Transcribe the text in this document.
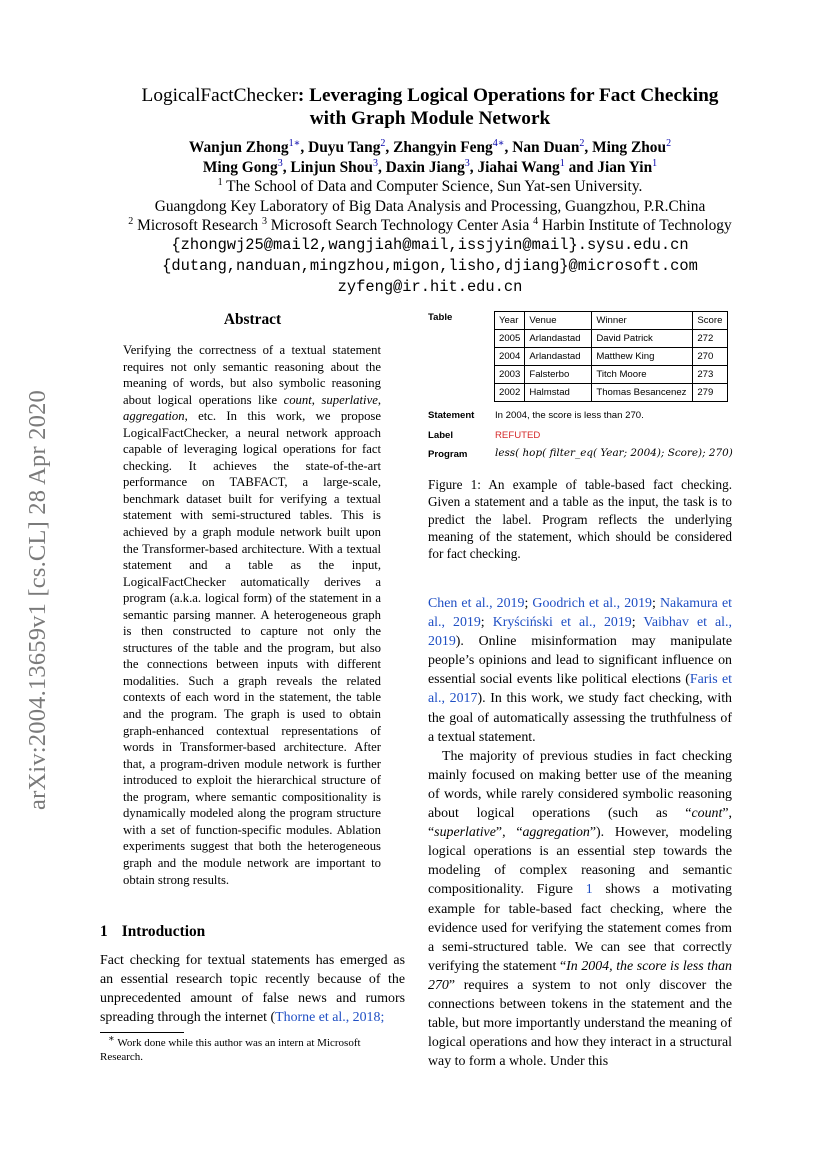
arXiv:2004.13659v1 [cs.CL] 28 Apr 2020
LogicalFactChecker: Leveraging Logical Operations for Fact Checking
with Graph Module Network
Wanjun Zhong$^{1∗}$, Duyu Tang$^2$, Zhangyin Feng$^{4∗}$, Nan Duan$^2$, Ming Zhou$^2$
Ming Gong$^3$, Linjun Shou$^3$, Daxin Jiang$^3$, Jiahai Wang$^1$ and Jian Yin$^1$
$^1$ The School of Data and Computer Science, Sun Yat-sen University.
Guangdong Key Laboratory of Big Data Analysis and Processing, Guangzhou, P.R.China
$^2$ Microsoft Research $^3$ Microsoft Search Technology Center Asia $^4$ Harbin Institute of Technology
{zhongwj25@mail2,wangjiah@mail,issjyin@mail}.sysu.edu.cn
{dutang,nanduan,mingzhou,migon,lisho,djiang}@microsoft.com
zyfeng@ir.hit.edu.cn
Abstract
Verifying the correctness of a textual statement requires not only semantic reasoning about the meaning of words, but also symbolic reasoning about logical operations like count, superlative, aggregation, etc. In this work, we propose LogicalFactChecker, a neural network approach capable of leveraging logical operations for fact checking. It achieves the state-of-the-art performance on TABFACT, a large-scale, benchmark dataset built for verifying a textual statement with semi-structured tables. This is achieved by a graph module network built upon the Transformer-based architecture. With a textual statement and a table as the input, LogicalFactChecker automatically derives a program (a.k.a. logical form) of the statement in a semantic parsing manner. A heterogeneous graph is then constructed to capture not only the structures of the table and the program, but also the connections between inputs with different modalities. Such a graph reveals the related contexts of each word in the statement, the table and the program. The graph is used to obtain graph-enhanced contextual representations of words in Transformer-based architecture. After that, a program-driven module network is further introduced to exploit the hierarchical structure of the program, where semantic compositionality is dynamically modeled along the program structure with a set of function-specific modules. Ablation experiments suggest that both the heterogeneous graph and the module network are important to obtain strong results.
1 Introduction

Fact checking for textual statements has emerged as an essential research topic recently because of the unprecedented amount of false news and rumors spreading through the internet (Thorne et al., 2018;

∗ Work done while this author was an intern at Microsoft Research.
Table	Year	Venue	Winner	Score
2005	Arlandastad	David Patrick	272
2004	Arlandastad	Matthew King	270
2003	Falsterbo	Titch Moore	273
2002	Halmstad	Thomas Besancenez	279
Statement In 2004, the score is less than 270.
Label	REFUTED
Program	less( hop( filter_eq( Year; 2004); Score); 270)
Figure 1: An example of table-based fact checking. Given a statement and a table as the input, the task is to predict the label. Program reflects the underlying meaning of the statement, which should be considered for fact checking.

Chen et al., 2019; Goodrich et al., 2019; Nakamura et al., 2019; Kryściński et al., 2019; Vaibhav et al., 2019). Online misinformation may manipulate people’s opinions and lead to significant influence on essential social events like political elections (Faris et al., 2017). In this work, we study fact checking, with the goal of automatically assessing the truthfulness of a textual statement.

The majority of previous studies in fact checking mainly focused on making better use of the meaning of words, while rarely considered symbolic reasoning about logical operations (such as “count”, “superlative”, “aggregation”). However, modeling logical operations is an essential step towards the modeling of complex reasoning and semantic compositionality. Figure 1 shows a motivating example for table-based fact checking, where the evidence used for verifying the statement comes from a semi-structured table. We can see that correctly verifying the statement “In 2004, the score is less than 270” requires a system to not only discover the connections between tokens in the statement and the table, but more importantly understand the meaning of logical operations and how they interact in a structural way to form a whole. Under this
